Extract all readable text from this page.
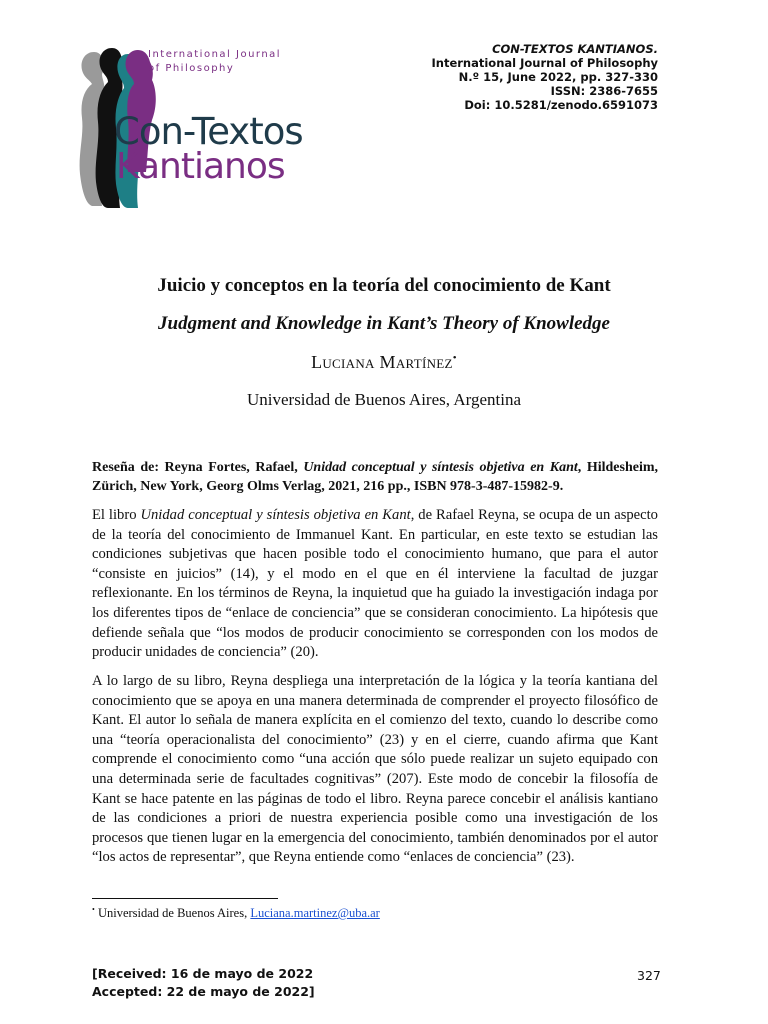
International Journal
of Philosophy
Con-Textos
Kantianos
CON-TEXTOS KANTIANOS.
International Journal of Philosophy
N.º 15, June 2022, pp. 327-330
ISSN: 2386-7655
Doi: 10.5281/zenodo.6591073
Juicio y conceptos en la teoría del conocimiento de Kant
Judgment and Knowledge in Kant’s Theory of Knowledge
Luciana Martínez•
Universidad de Buenos Aires, Argentina
Reseña de: Reyna Fortes, Rafael, Unidad conceptual y síntesis objetiva en Kant, Hildesheim, Zürich, New York, Georg Olms Verlag, 2021, 216 pp., ISBN 978-3-487-15982-9.

El libro Unidad conceptual y síntesis objetiva en Kant, de Rafael Reyna, se ocupa de un aspecto de la teoría del conocimiento de Immanuel Kant. En particular, en este texto se estudian las condiciones subjetivas que hacen posible todo el conocimiento humano, que para el autor “consiste en juicios” (14), y el modo en el que en él interviene la facultad de juzgar reflexionante. En los términos de Reyna, la inquietud que ha guiado la investigación indaga por los diferentes tipos de “enlace de conciencia” que se consideran conocimiento. La hipótesis que defiende señala que “los modos de producir conocimiento se corresponden con los modos de producir unidades de conciencia” (20).

A lo largo de su libro, Reyna despliega una interpretación de la lógica y la teoría kantiana del conocimiento que se apoya en una manera determinada de comprender el proyecto filosófico de Kant. El autor lo señala de manera explícita en el comienzo del texto, cuando lo describe como una “teoría operacionalista del conocimiento” (23) y en el cierre, cuando afirma que Kant comprende el conocimiento como “una acción que sólo puede realizar un sujeto equipado con una determinada serie de facultades cognitivas” (207). Este modo de concebir la filosofía de Kant se hace patente en las páginas de todo el libro. Reyna parece concebir el análisis kantiano de las condiciones a priori de nuestra experiencia posible como una investigación de los procesos que tienen lugar en la emergencia del conocimiento, también denominados por el autor “los actos de representar”, que Reyna entiende como “enlaces de conciencia” (23).

• Universidad de Buenos Aires, Luciana.martinez@uba.ar
[Received: 16 de mayo de 2022
Accepted: 22 de mayo de 2022]
327
